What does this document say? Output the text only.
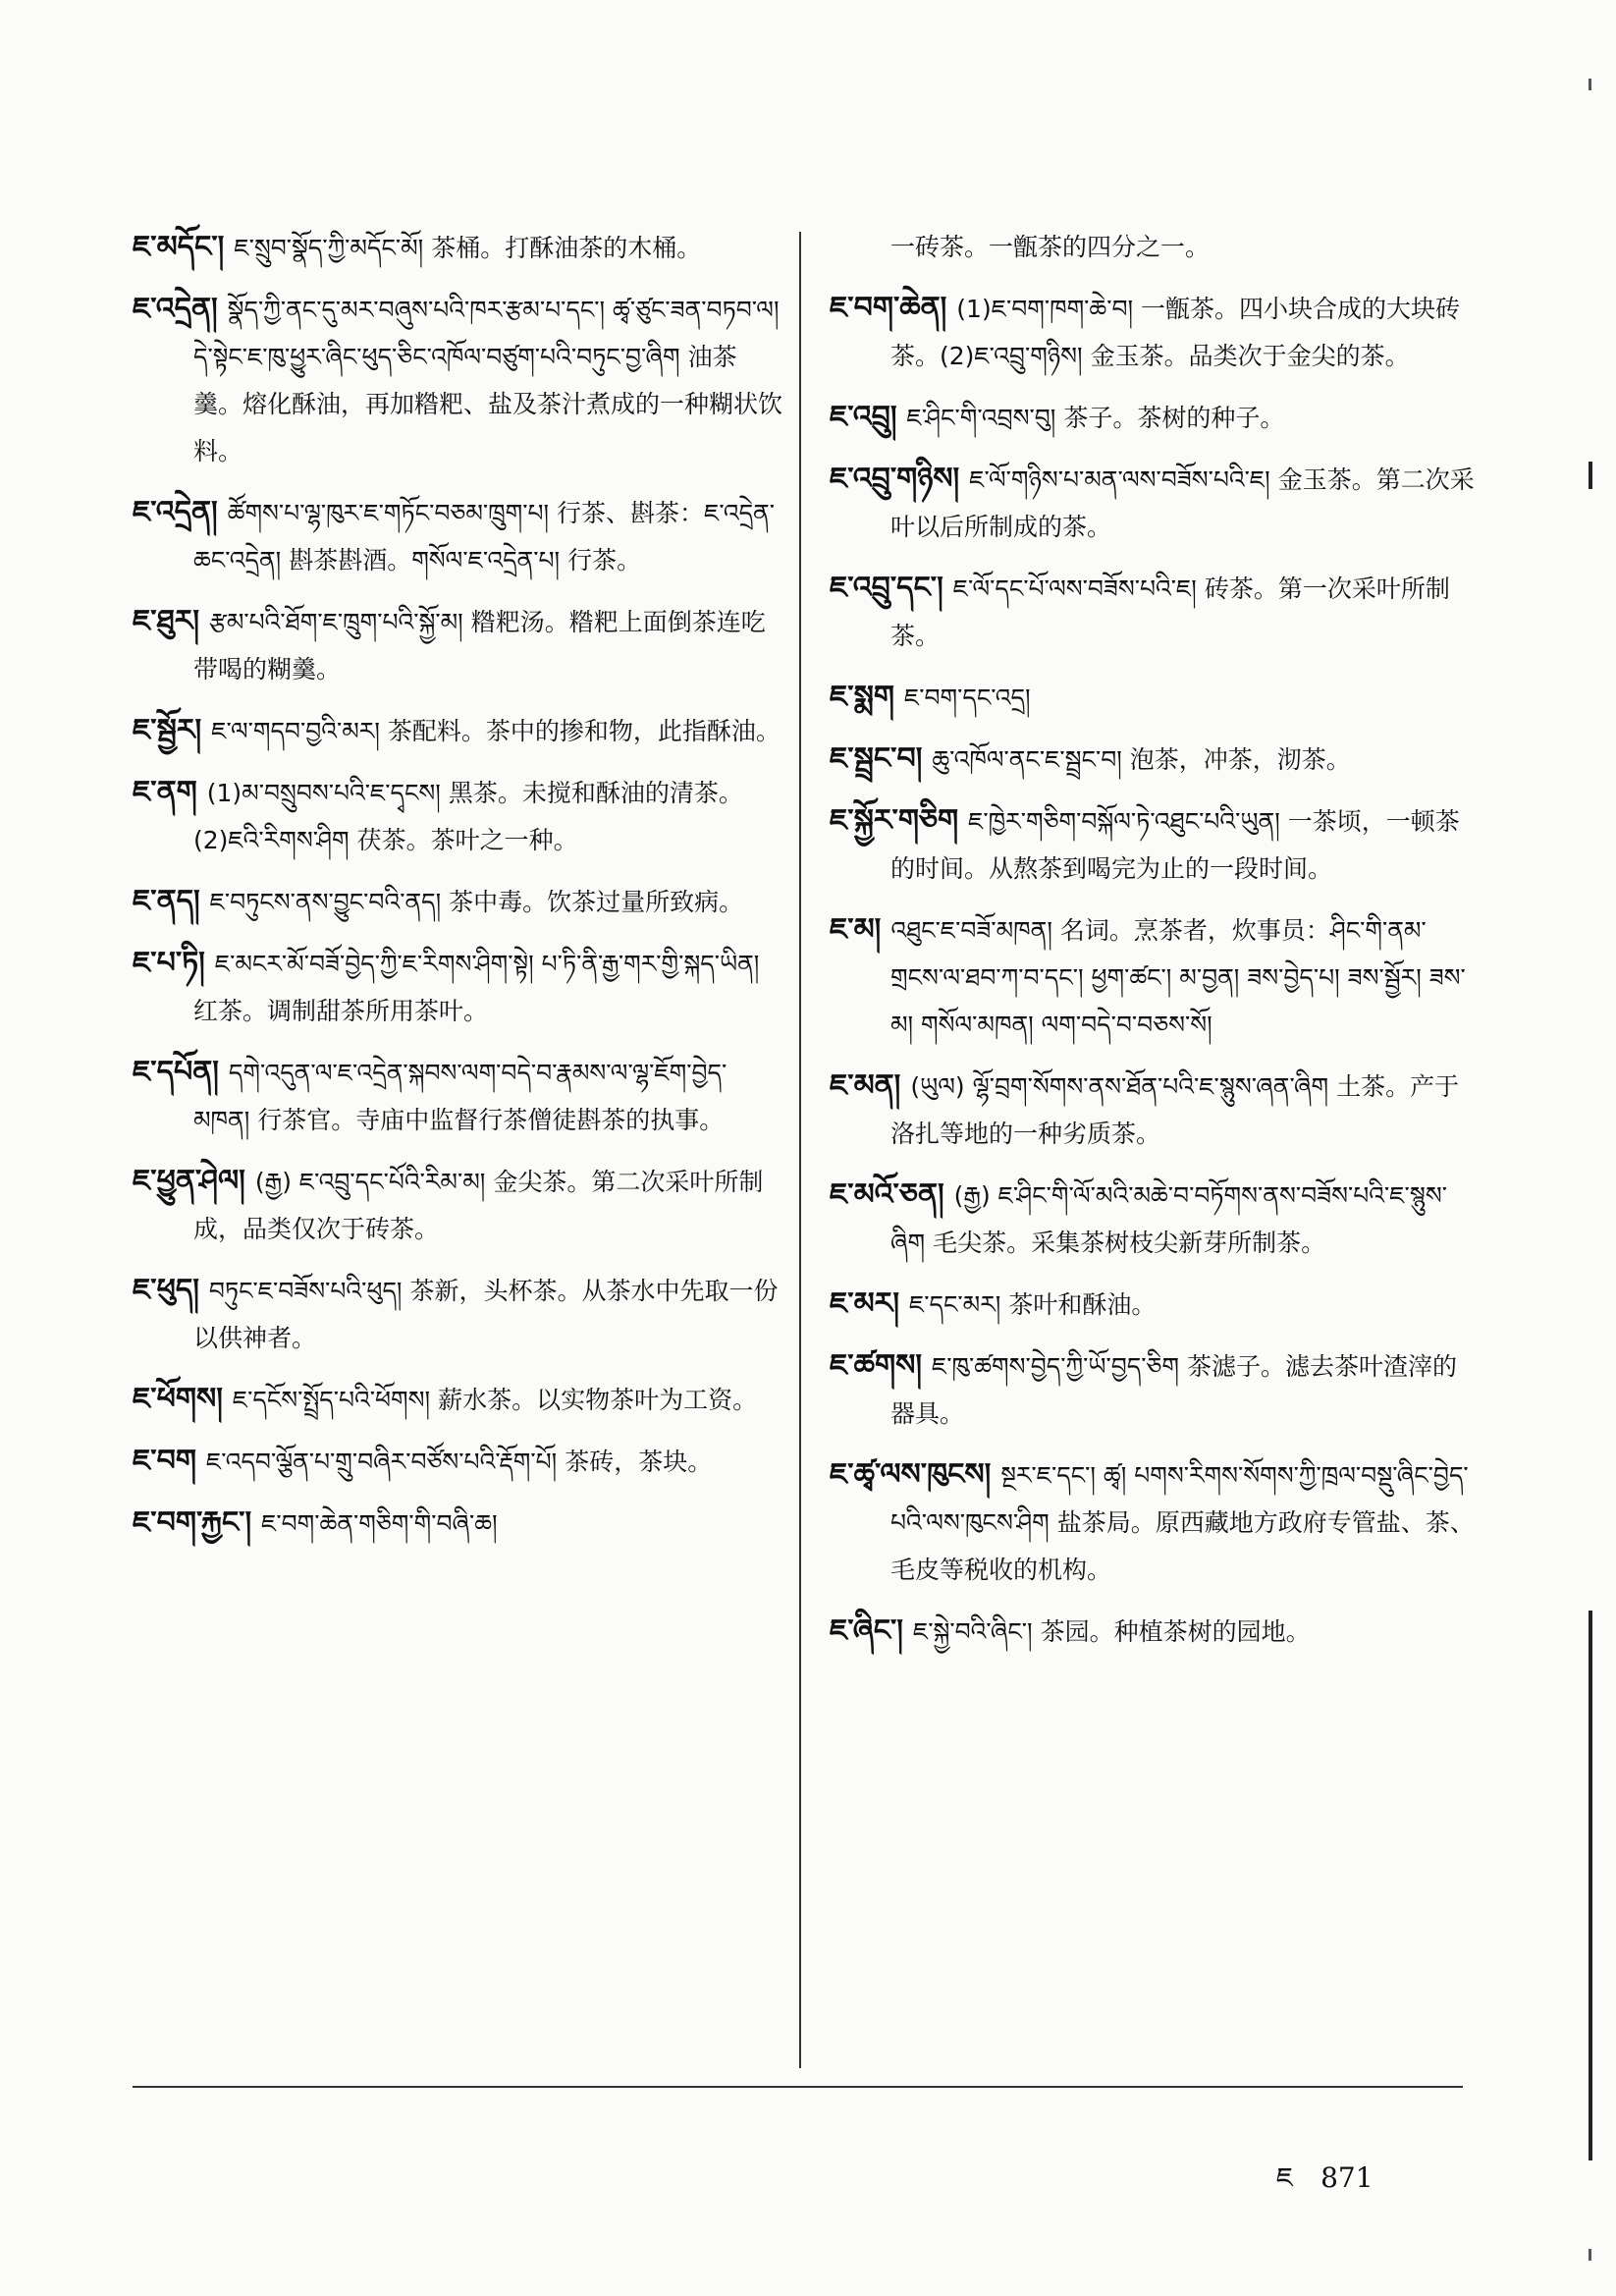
ཇ་མདོང་། ཇ་སྲུབ་སྣོད་ཀྱི་མདོང་མོ། 茶桶。打酥油茶的木桶。
ཇ་འདྲེན། སྣོད་ཀྱི་ནང་དུ་མར་བཞུས་པའི་ཁར་རྩམ་པ་དང་། ཚྭ་ཙུང་ཟན་བཏབ་ལ། དེ་སྟེང་ཇ་ཁུ་ཕྱུར་ཞིང་ཕུད་ཅིང་འཁོལ་བཙུག་པའི་བཏུང་བྱ་ཞིག 油茶羹。熔化酥油，再加糌粑、盐及茶汁煮成的一种糊状饮料。
ཇ་འདྲེན། ཚོགས་པ་ལྷ་ཁུར་ཇ་གཏོང་བཅམ་ཁྲུག་པ། 行茶、斟茶：ཇ་འདྲེན་ཆང་འདྲེན། 斟茶斟酒。གསོལ་ཇ་འདྲེན་པ། 行茶。
ཇ་ཐུར། རྩམ་པའི་ཐོག་ཇ་ཁྲུག་པའི་སྐྱོ་མ། 糌粑汤。糌粑上面倒茶连吃带喝的糊羹。
ཇ་སྦྱོར། ཇ་ལ་གདབ་བྱའི་མར། 茶配料。茶中的掺和物，此指酥油。
ཇ་ནག (1)མ་བསྲུབས་པའི་ཇ་དྭངས། 黑茶。未搅和酥油的清茶。(2)ཇའི་རིགས་ཤིག 茯茶。茶叶之一种。
ཇ་ནད། ཇ་བཏུངས་ནས་བྱུང་བའི་ནད། 茶中毒。饮茶过量所致病。
ཇ་པ་ཏི། ཇ་མངར་མོ་བཟོ་བྱེད་ཀྱི་ཇ་རིགས་ཤིག་སྟེ། པ་ཏི་ནི་རྒྱ་གར་གྱི་སྐད་ཡིན།红茶。调制甜茶所用茶叶。
ཇ་དཔོན། དགེ་འདུན་ལ་ཇ་འདྲེན་སྐབས་ལག་བདེ་བ་རྣམས་ལ་ལྷ་ཇོག་བྱེད་མཁན། 行茶官。寺庙中监督行茶僧徒斟茶的执事。
ཇ་ཕྱུན་ཤེལ། (རྒྱ) ཇ་འབྲུ་དང་པོའི་རིམ་མ། 金尖茶。第二次采叶所制成，品类仅次于砖茶。
ཇ་ཕུད། བཏུང་ཇ་བཟོས་པའི་ཕུད། 茶新，头杯茶。从茶水中先取一份以供神者。
ཇ་ཕོགས། ཇ་དངོས་སྤྲོད་པའི་ཕོགས། 薪水茶。以实物茶叶为工资。
ཇ་བག ཇ་འདབ་ལྕོན་པ་གྲུ་བཞིར་བཙོས་པའི་རྡོག་པོ། 茶砖，茶块。
ཇ་བག་རྐྱང་། ཇ་བག་ཆེན་གཅིག་གི་བཞི་ཆ།
一砖茶。一甑茶的四分之一。
ཇ་བག་ཆེན། (1)ཇ་བག་ཁག་ཆེ་བ། 一甑茶。四小块合成的大块砖茶。(2)ཇ་འབྲུ་གཉིས། 金玉茶。品类次于金尖的茶。
ཇ་འབྲུ། ཇ་ཤིང་གི་འབྲས་བུ། 茶子。茶树的种子。
ཇ་འབྲུ་གཉིས། ཇ་ལོ་གཉིས་པ་མན་ལས་བཟོས་པའི་ཇ། 金玉茶。第二次采叶以后所制成的茶。
ཇ་འབྲུ་དང་། ཇ་ལོ་དང་པོ་ལས་བཟོས་པའི་ཇ། 砖茶。第一次采叶所制茶。
ཇ་སྨག ཇ་བག་དང་འདྲ།
ཇ་སྦྲང་བ། ཆུ་འཁོལ་ནང་ཇ་སྦྲང་བ། 泡茶，冲茶，沏茶。
ཇ་སྐྱོར་གཅིག ཇ་ཁྱེར་གཅིག་བསྐོལ་ཏེ་འཐུང་པའི་ཡུན། 一茶顷，一顿茶的时间。从熬茶到喝完为止的一段时间。
ཇ་མ། འཐུང་ཇ་བཟོ་མཁན། 名词。烹茶者，炊事员：ཤིང་གི་ནམ་གྲངས་ལ་ཐབ་ཀ་བ་དང་། ཕྱག་ཚང་། མ་བྱན། ཟས་བྱེད་པ། ཟས་སྦྱོར། ཟས་མ། གསོལ་མཁན། ལག་བདེ་བ་བཅས་སོ།
ཇ་མན། (ཡུལ) ལྷོ་བྲག་སོགས་ནས་ཐོན་པའི་ཇ་སྙུས་ཞན་ཞིག 土茶。产于洛扎等地的一种劣质茶。
ཇ་མའོ་ཅན། (རྒྱ) ཇ་ཤིང་གི་ལོ་མའི་མཆེ་བ་བཏོགས་ནས་བཟོས་པའི་ཇ་སྙུས་ཞིག 毛尖茶。采集茶树枝尖新芽所制茶。
ཇ་མར། ཇ་དང་མར། 茶叶和酥油。
ཇ་ཚགས། ཇ་ཁུ་ཚགས་བྱེད་ཀྱི་ཡོ་བྱད་ཅིག 茶滤子。滤去茶叶渣滓的器具。
ཇ་ཚྭ་ལས་ཁུངས། སྔར་ཇ་དང་། ཚྭ། པགས་རིགས་སོགས་ཀྱི་ཁྲལ་བསྡུ་ཞིང་བྱེད་པའི་ལས་ཁུངས་ཤིག 盐茶局。原西藏地方政府专管盐、茶、毛皮等税收的机构。
ཇ་ཞིང་། ཇ་སྐྱེ་བའི་ཞིང་། 茶园。种植茶树的园地。
ཇ 871
